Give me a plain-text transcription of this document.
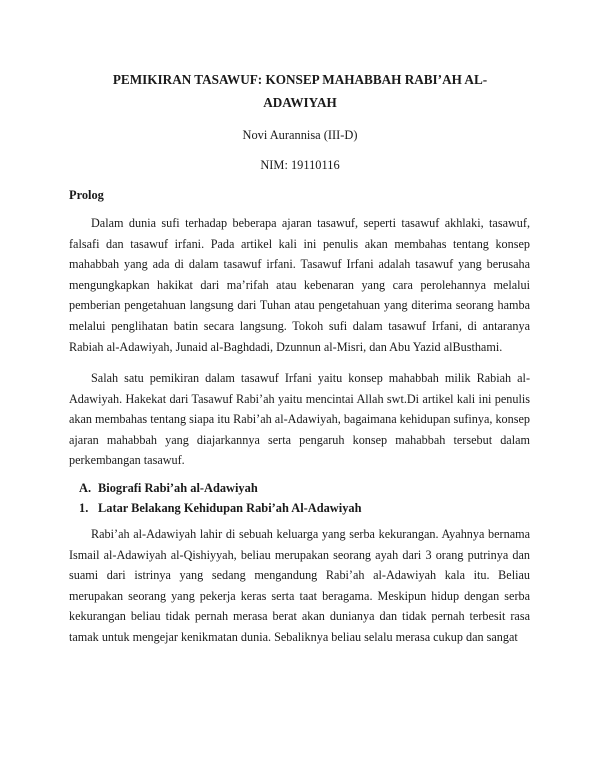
PEMIKIRAN TASAWUF: KONSEP MAHABBAH RABI’AH AL-ADAWIYAH

Novi Aurannisa (III-D)

NIM: 19110116

Prolog

Dalam dunia sufi terhadap beberapa ajaran tasawuf, seperti tasawuf akhlaki, tasawuf, falsafi dan tasawuf irfani. Pada artikel kali ini penulis akan membahas tentang konsep mahabbah yang ada di dalam tasawuf irfani. Tasawuf Irfani adalah tasawuf yang berusaha mengungkapkan hakikat dari ma’rifah atau kebenaran yang cara perolehannya melalui pemberian pengetahuan langsung dari Tuhan atau pengetahuan yang diterima seorang hamba melalui penglihatan batin secara langsung. Tokoh sufi dalam tasawuf Irfani, di antaranya Rabiah al-Adawiyah, Junaid al-Baghdadi, Dzunnun al-Misri, dan Abu Yazid alBusthami.

Salah satu pemikiran dalam tasawuf Irfani yaitu konsep mahabbah milik Rabiah al-Adawiyah. Hakekat dari Tasawuf Rabi’ah yaitu mencintai Allah swt.Di artikel kali ini penulis akan membahas tentang siapa itu Rabi’ah al-Adawiyah, bagaimana kehidupan sufinya, konsep ajaran mahabbah yang diajarkannya serta pengaruh konsep mahabbah tersebut dalam perkembangan tasawuf.

A. Biografi Rabi’ah al-Adawiyah

1. Latar Belakang Kehidupan Rabi’ah Al-Adawiyah

Rabi’ah al-Adawiyah lahir di sebuah keluarga yang serba kekurangan. Ayahnya bernama Ismail al-Adawiyah al-Qishiyyah, beliau merupakan seorang ayah dari 3 orang putrinya dan suami dari istrinya yang sedang mengandung Rabi’ah al-Adawiyah kala itu. Beliau merupakan seorang yang pekerja keras serta taat beragama. Meskipun hidup dengan serba kekurangan beliau tidak pernah merasa berat akan dunianya dan tidak pernah terbesit rasa tamak untuk mengejar kenikmatan dunia. Sebaliknya beliau selalu merasa cukup dan sangat
